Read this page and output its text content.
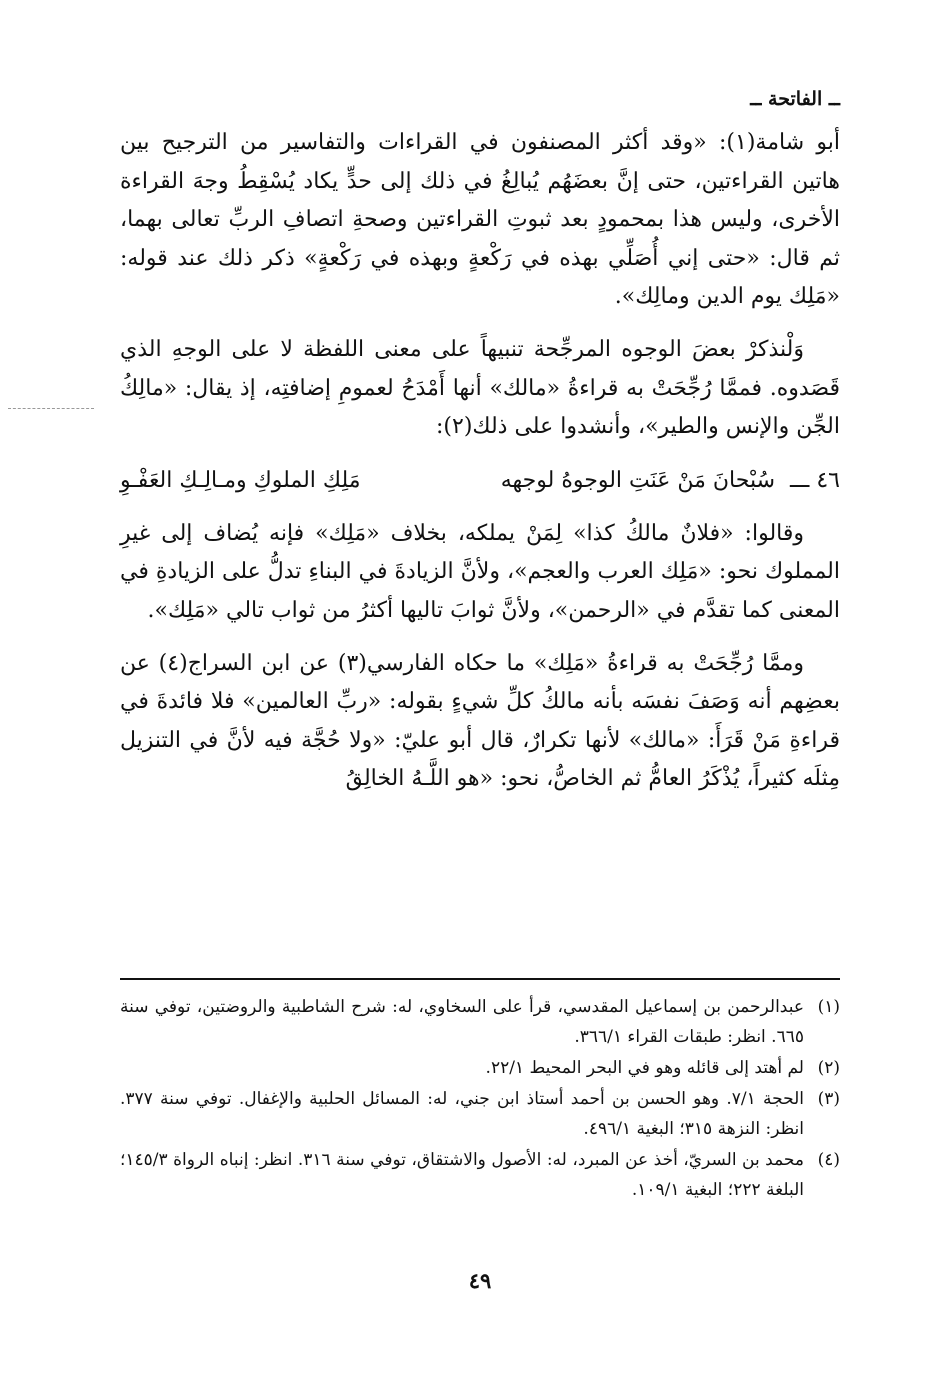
ــ الفاتحة ــ

أبو شامة(١): «وقد أكثر المصنفون في القراءات والتفاسير من الترجيح بين هاتين القراءتين، حتى إنَّ بعضَهُم يُبالِغُ في ذلك إلى حدٍّ يكاد يُسْقِطُ وجهَ القراءة الأخرى، وليس هذا بمحمودٍ بعد ثبوتِ القراءتين وصحةِ اتصافِ الربِّ تعالى بهما، ثم قال: «حتى إني أُصَلِّي بهذه في رَكْعةٍ وبهذه في رَكْعةٍ» ذكر ذلك عند قوله: «مَلِك يوم الدين ومالِك».

وَلْنذكرْ بعضَ الوجوه المرجِّحة تنبيهاً على معنى اللفظة لا على الوجهِ الذي قَصَدوه. فممَّا رُجِّحَتْ به قراءةُ «مالك» أنها أَمْدَحُ لعمومِ إضافتِه، إذ يقال: «مالِكُ الجِّن والإنس والطير»، وأنشدوا على ذلك(٢):

٤٦ ـــ سُبْحانَ مَنْ عَنَتِ الوجوهُ لوجهه
مَلِكِ الملوكِ ومـالِـكِ العَفْـوِ

وقالوا: «فلانٌ مالكُ كذا» لِمَنْ يملكه، بخلاف «مَلِك» فإنه يُضاف إلى غيرِ المملوك نحو: «مَلِك العرب والعجم»، ولأنَّ الزيادةَ في البناءِ تدلُّ على الزيادةِ في المعنى كما تقدَّم في «الرحمن»، ولأنَّ ثوابَ تاليها أكثرُ من ثواب تالي «مَلِك».

وممَّا رُجِّحَتْ به قراءةُ «مَلِك» ما حكاه الفارسي(٣) عن ابن السراج(٤) عن بعضِهم أنه وَصَفَ نفسَه بأنه مالكُ كلِّ شيءٍ بقوله: «ربِّ العالمين» فلا فائدةَ في قراءةِ مَنْ قَرَأَ: «مالك» لأنها تكرارٌ، قال أبو عليّ: «ولا حُجَّة فيه لأنَّ في التنزيل مِثلَه كثيراً، يُذْكَرُ العامُّ ثم الخاصُّ، نحو: «هو اللَّـهُ الخالِقُ

(١)
عبدالرحمن بن إسماعيل المقدسي، قرأ على السخاوي، له: شرح الشاطبية والروضتين، توفي سنة ٦٦٥. انظر: طبقات القراء ٣٦٦/١.
(٢)
لم أهتد إلى قائله وهو في البحر المحيط ٢٢/١.
(٣)
الحجة ٧/١. وهو الحسن بن أحمد أستاذ ابن جني، له: المسائل الحلبية والإغفال. توفي سنة ٣٧٧. انظر: النزهة ٣١٥؛ البغية ٤٩٦/١.
(٤)
محمد بن السريّ، أخذ عن المبرد، له: الأصول والاشتقاق، توفي سنة ٣١٦. انظر: إنباه الرواة ١٤٥/٣؛ البلغة ٢٢٢؛ البغية ١٠٩/١.
٤٩
